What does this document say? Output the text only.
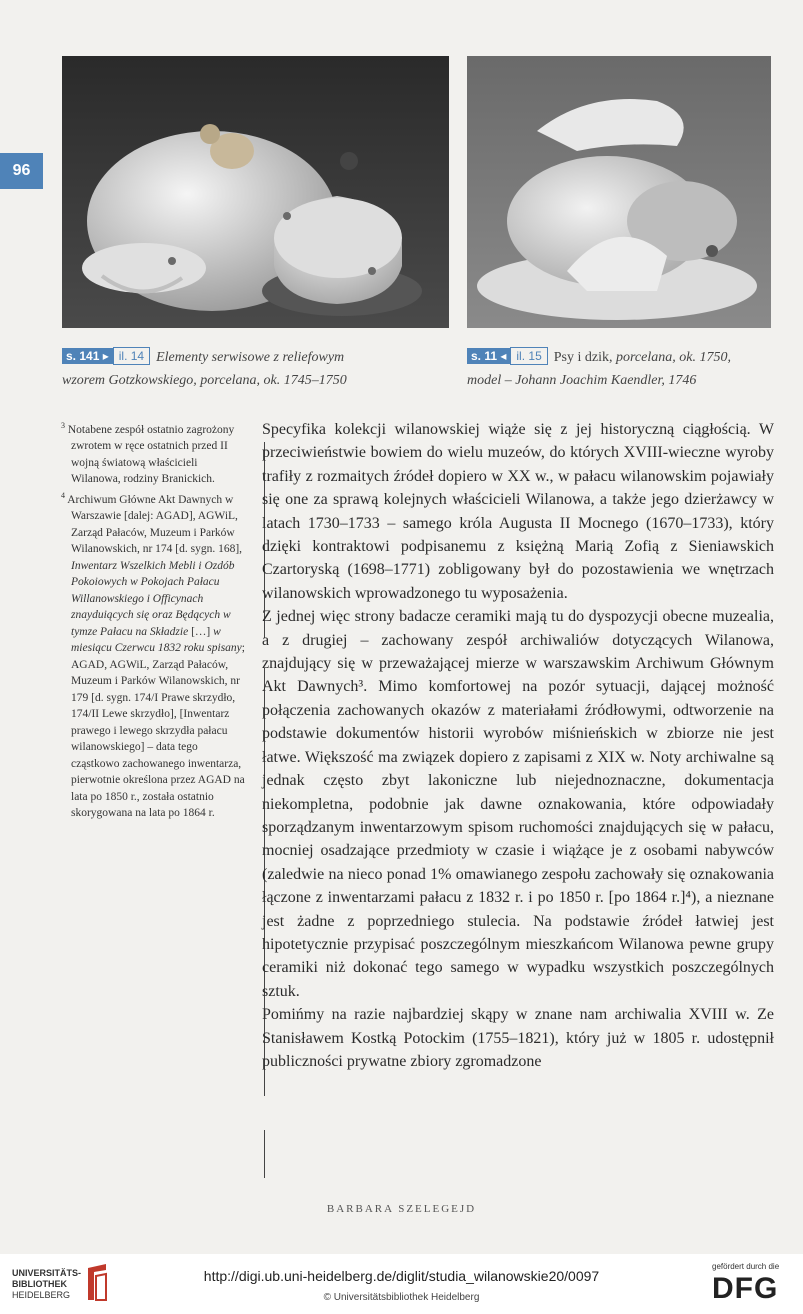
96
s. 141 ▸ il. 14 Elementy serwisowe z reliefowym
wzorem Gotzkowskiego, porcelana, ok. 1745–1750
s. 11 ◂ il. 15 Psy i dzik, porcelana, ok. 1750,
model – Johann Joachim Kaendler, 1746

$^3$ Notabene zespół ostatnio zagrożony zwrotem w ręce ostatnich przed II wojną światową właścicieli Wilanowa, rodziny Branickich.

$^4$ Archiwum Główne Akt Dawnych w Warszawie [dalej: AGAD], AGWiL, Zarząd Pałaców, Muzeum i Parków Wilanowskich, nr 174 [d. sygn. 168], Inwentarz Wszelkich Mebli i Ozdób Pokoiowych w Pokojach Pałacu Willanowskiego i Officynach znayduiących się oraz Będących w tymze Pałacu na Składzie […] w miesiącu Czerwcu 1832 roku spisany; AGAD, AGWiL, Zarząd Pałaców, Muzeum i Parków Wilanowskich, nr 179 [d. sygn. 174/I Prawe skrzydło, 174/II Lewe skrzydło], [Inwentarz prawego i lewego skrzydła pałacu wilanowskiego] – data tego cząstkowo zachowanego inwentarza, pierwotnie określona przez AGAD na lata po 1850 r., została ostatnio skorygowana na lata po 1864 r.

Specyfika kolekcji wilanowskiej wiąże się z jej historyczną ciągłością. W przeciwieństwie bowiem do wielu muzeów, do których XVIII-wieczne wyroby trafiły z rozmaitych źródeł dopiero w XX w., w pałacu wilanowskim pojawiały się one za sprawą kolejnych właścicieli Wilanowa, a także jego dzierżawcy w latach 1730–1733 – samego króla Augusta II Mocnego (1670–1733), który dzięki kontraktowi podpisanemu z księżną Marią Zofią z Sieniawskich Czartoryską (1698–1771) zobligowany był do pozostawienia we wnętrzach wilanowskich wprowadzonego tu wyposażenia.

Z jednej więc strony badacze ceramiki mają tu do dyspozycji obecne muzealia, a z drugiej – zachowany zespół archiwaliów dotyczących Wilanowa, znajdujący się w przeważającej mierze w warszawskim Archiwum Głównym Akt Dawnych³. Mimo komfortowej na pozór sytuacji, dającej możność połączenia zachowanych okazów z materiałami źródłowymi, odtworzenie na podstawie dokumentów historii wyrobów miśnieńskich w zbiorze nie jest łatwe. Większość ma związek dopiero z zapisami z XIX w. Noty archiwalne są jednak często zbyt lakoniczne lub niejednoznaczne, dokumentacja niekompletna, podobnie jak dawne oznakowania, które odpowiadały sporządzanym inwentarzowym spisom ruchomości znajdujących się w pałacu, mocniej osadzające przedmioty w czasie i wiążące je z osobami nabywców (zaledwie na nieco ponad 1% omawianego zespołu zachowały się oznakowania łączone z inwentarzami pałacu z 1832 r. i po 1850 r. [po 1864 r.]⁴), a nieznane jest żadne z poprzedniego stulecia. Na podstawie źródeł łatwiej jest hipotetycznie przypisać poszczególnym mieszkańcom Wilanowa pewne grupy ceramiki niż dokonać tego samego w wypadku wszystkich poszczególnych sztuk.

Pomińmy na razie najbardziej skąpy w znane nam archiwalia XVIII w. Ze Stanisławem Kostką Potockim (1755–1821), który już w 1805 r. udostępnił publiczności prywatne zbiory zgromadzone

BARBARA SZELEGEJD
UNIVERSITÄTS-
BIBLIOTHEK
HEIDELBERG
http://digi.ub.uni-heidelberg.de/diglit/studia_wilanowskie20/0097
© Universitätsbibliothek Heidelberg
gefördert durch die
DFG
